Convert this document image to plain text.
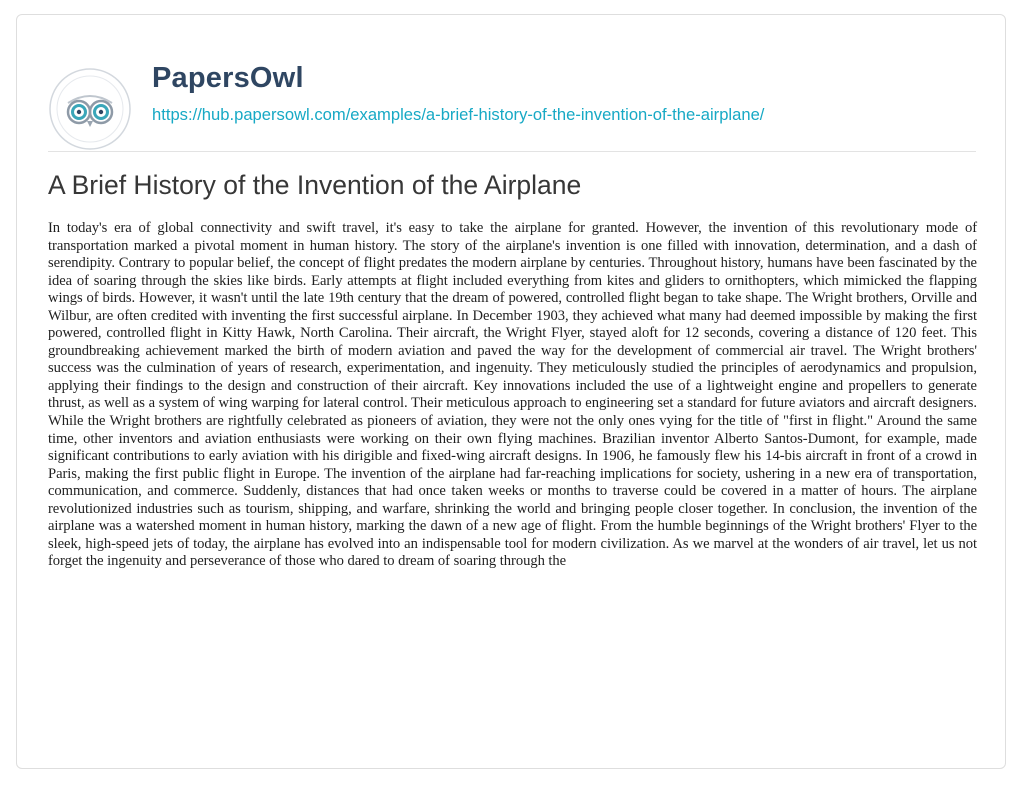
PapersOwl
https://hub.papersowl.com/examples/a-brief-history-of-the-invention-of-the-airplane/
A Brief History of the Invention of the Airplane

In today's era of global connectivity and swift travel, it's easy to take the airplane for granted. However, the invention of this revolutionary mode of transportation marked a pivotal moment in human history. The story of the airplane's invention is one filled with innovation, determination, and a dash of serendipity. Contrary to popular belief, the concept of flight predates the modern airplane by centuries. Throughout history, humans have been fascinated by the idea of soaring through the skies like birds. Early attempts at flight included everything from kites and gliders to ornithopters, which mimicked the flapping wings of birds. However, it wasn't until the late 19th century that the dream of powered, controlled flight began to take shape. The Wright brothers, Orville and Wilbur, are often credited with inventing the first successful airplane. In December 1903, they achieved what many had deemed impossible by making the first powered, controlled flight in Kitty Hawk, North Carolina. Their aircraft, the Wright Flyer, stayed aloft for 12 seconds, covering a distance of 120 feet. This groundbreaking achievement marked the birth of modern aviation and paved the way for the development of commercial air travel. The Wright brothers' success was the culmination of years of research, experimentation, and ingenuity. They meticulously studied the principles of aerodynamics and propulsion, applying their findings to the design and construction of their aircraft. Key innovations included the use of a lightweight engine and propellers to generate thrust, as well as a system of wing warping for lateral control. Their meticulous approach to engineering set a standard for future aviators and aircraft designers. While the Wright brothers are rightfully celebrated as pioneers of aviation, they were not the only ones vying for the title of "first in flight." Around the same time, other inventors and aviation enthusiasts were working on their own flying machines. Brazilian inventor Alberto Santos-Dumont, for example, made significant contributions to early aviation with his dirigible and fixed-wing aircraft designs. In 1906, he famously flew his 14-bis aircraft in front of a crowd in Paris, making the first public flight in Europe. The invention of the airplane had far-reaching implications for society, ushering in a new era of transportation, communication, and commerce. Suddenly, distances that had once taken weeks or months to traverse could be covered in a matter of hours. The airplane revolutionized industries such as tourism, shipping, and warfare, shrinking the world and bringing people closer together. In conclusion, the invention of the airplane was a watershed moment in human history, marking the dawn of a new age of flight. From the humble beginnings of the Wright brothers' Flyer to the sleek, high-speed jets of today, the airplane has evolved into an indispensable tool for modern civilization. As we marvel at the wonders of air travel, let us not forget the ingenuity and perseverance of those who dared to dream of soaring through the
